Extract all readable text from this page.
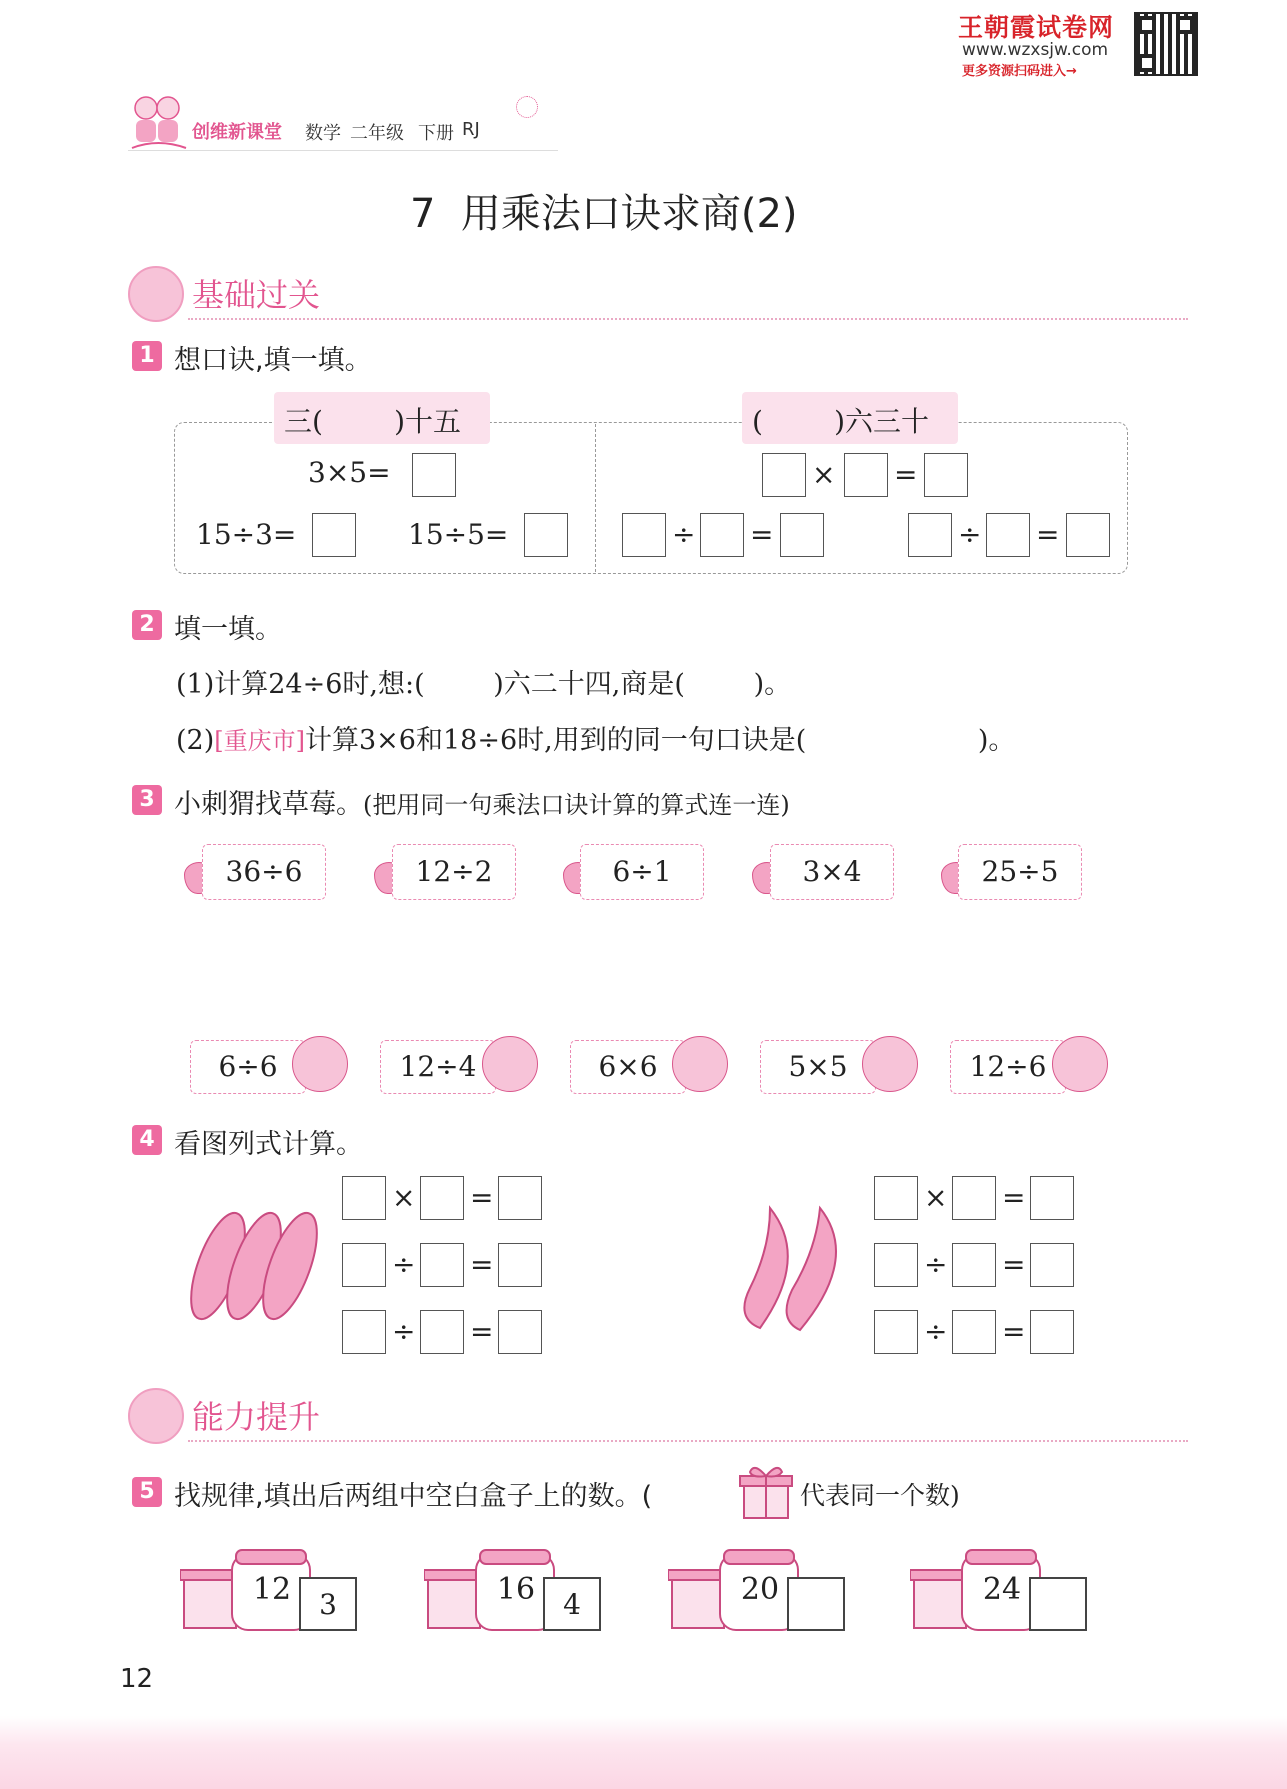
王朝霞试卷网
www.wzxsjw.com
更多资源扫码进入→
创维新课堂 数学 二年级 下册 RJ
7  用乘法口诀求商(2)
基础过关
1 想口诀,填一填。
三(        )十五	(        )六三十
3×5=
15÷3=	15÷5=
× =
÷ =	÷ =
2 填一填。
(1)计算24÷6时,想:(        )六二十四,商是(        )。
(2)[重庆市]计算3×6和18÷6时,用到的同一句口诀是(                    )。
3 小刺猬找草莓。(把用同一句乘法口诀计算的算式连一连)
36÷6	12÷2	6÷1	3×4	25÷5
6÷6	12÷4	6×6	5×5	12÷6
4 看图列式计算。
× =
÷ =
÷ =
× =
÷ =
÷ =
能力提升
5 找规律,填出后两组中空白盒子上的数。(	代表同一个数)
12 3	16 4	20	24
12
